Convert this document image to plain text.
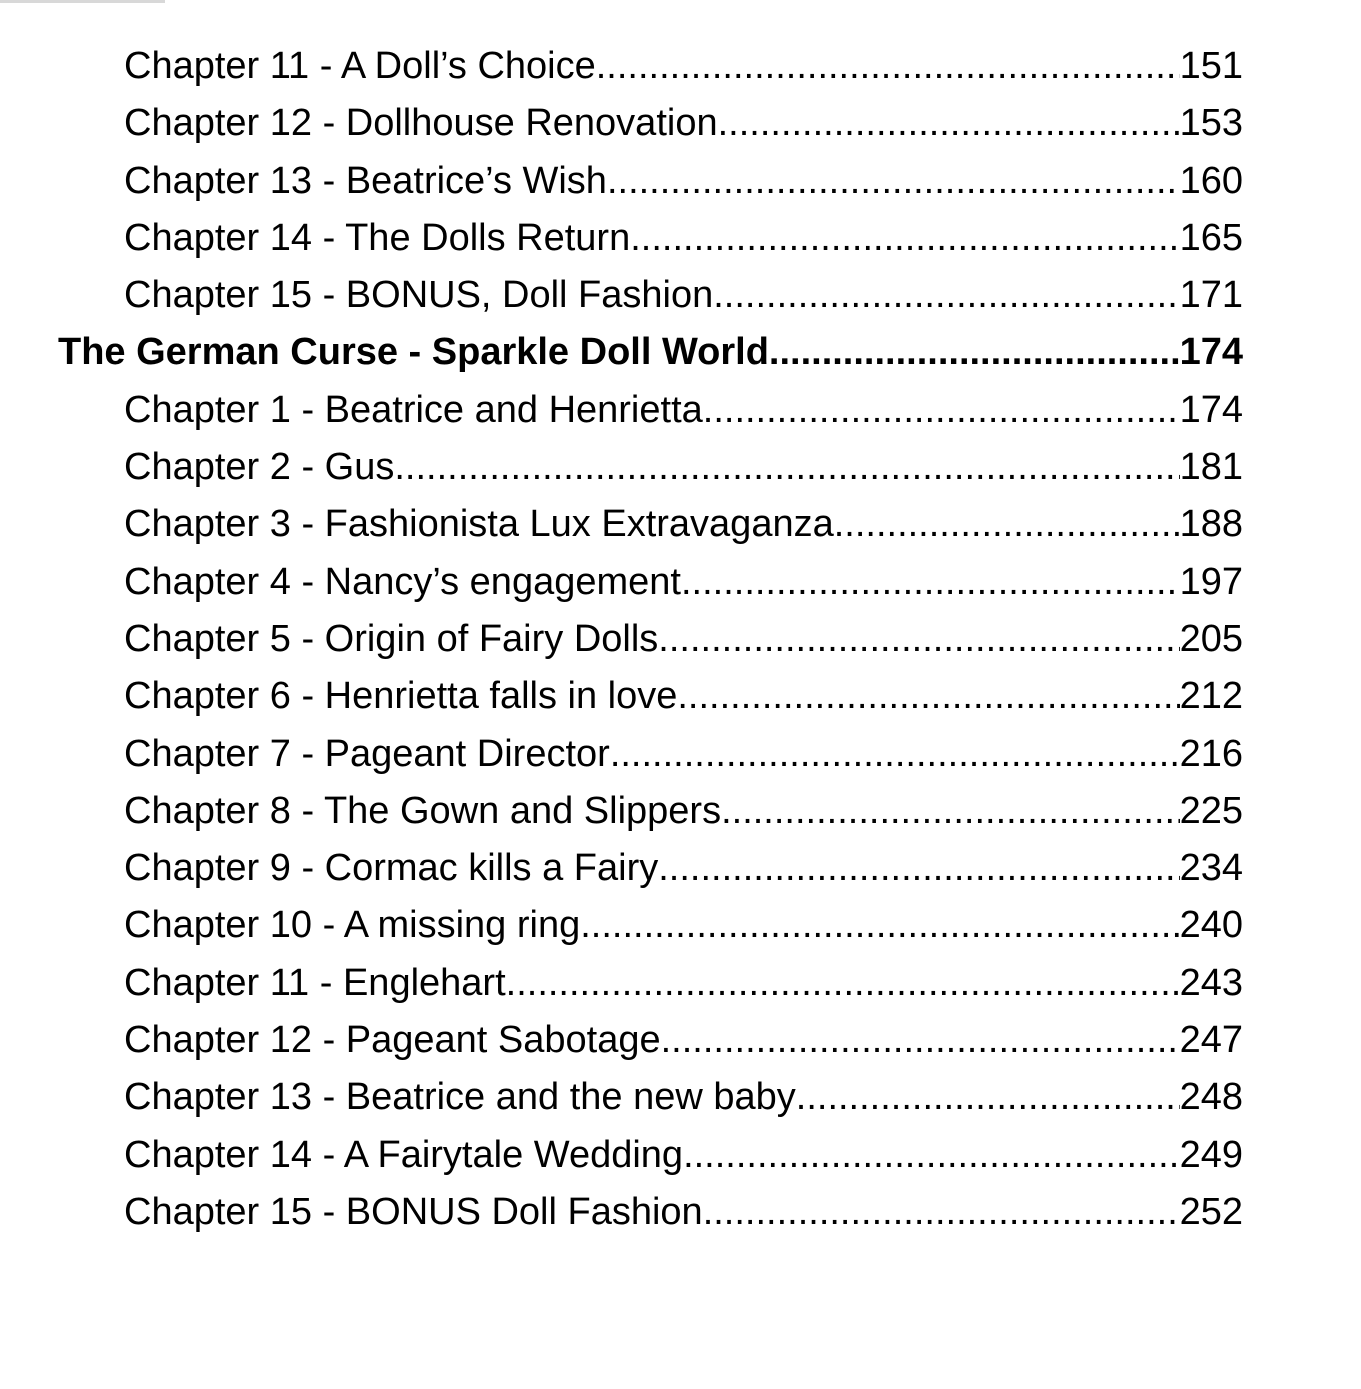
Chapter 11 - A Doll’s Choice .....	151
Chapter 12 - Dollhouse Renovation .....	153
Chapter 13 - Beatrice’s Wish .....	160
Chapter 14 - The Dolls Return .....	165
Chapter 15 - BONUS, Doll Fashion .....	171
The German Curse - Sparkle Doll World .....	174
Chapter 1 - Beatrice and Henrietta .....	174
Chapter 2 - Gus .....	181
Chapter 3 - Fashionista Lux Extravaganza .....	188
Chapter 4 - Nancy’s engagement .....	197
Chapter 5 - Origin of Fairy Dolls .....	205
Chapter 6 - Henrietta falls in love .....	212
Chapter 7 - Pageant Director .....	216
Chapter 8 - The Gown and Slippers .....	225
Chapter 9 - Cormac kills a Fairy .....	234
Chapter 10 - A missing ring .....	240
Chapter 11 - Englehart .....	243
Chapter 12 - Pageant Sabotage .....	247
Chapter 13 - Beatrice and the new baby .....	248
Chapter 14 - A Fairytale Wedding .....	249
Chapter 15 - BONUS Doll Fashion .....	252
